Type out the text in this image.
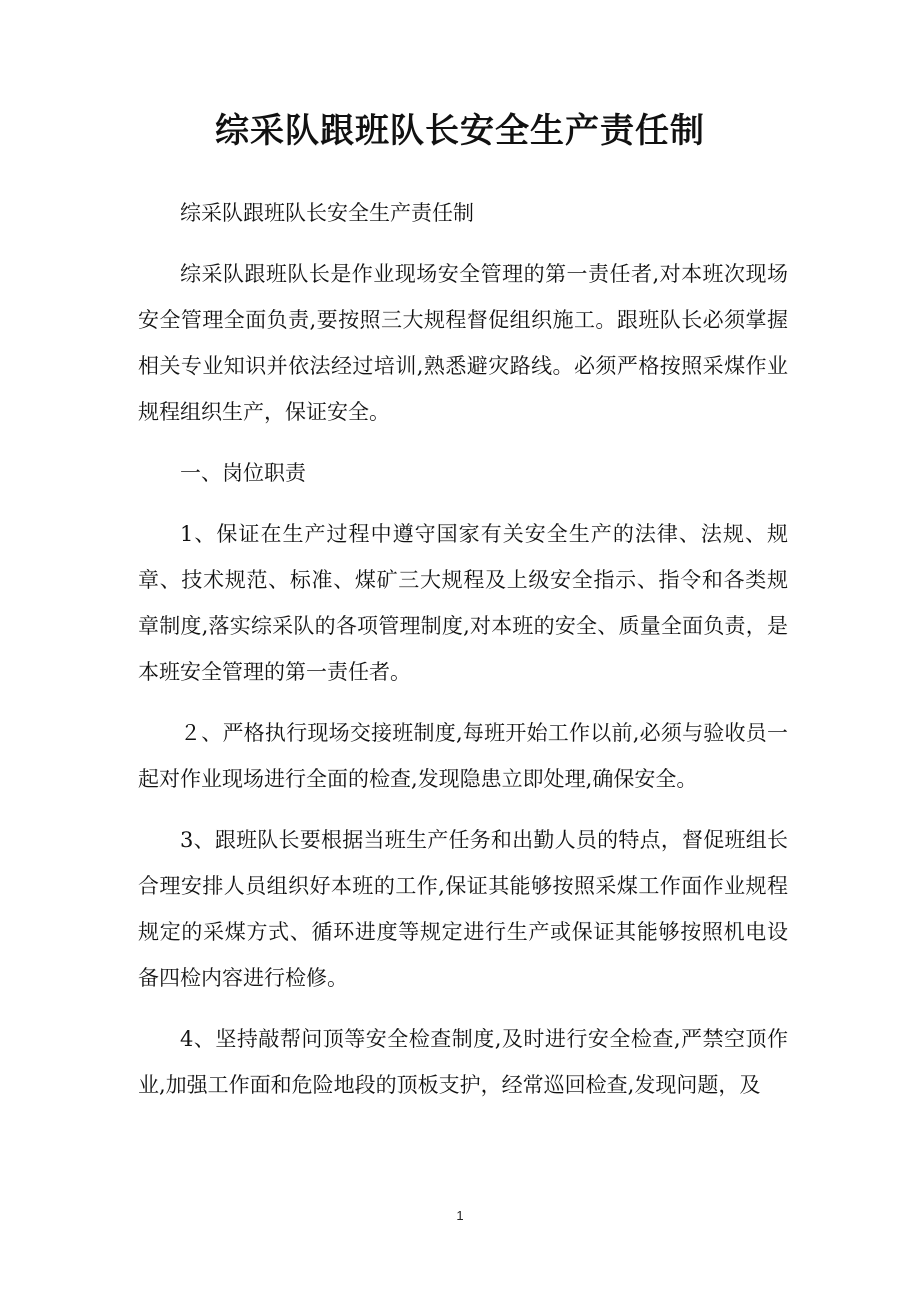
综采队跟班队长安全生产责任制

综采队跟班队长安全生产责任制

综采队跟班队长是作业现场安全管理的第一责任者,对本班次现场安全管理全面负责,要按照三大规程督促组织施工。跟班队长必须掌握相关专业知识并依法经过培训,熟悉避灾路线。必须严格按照采煤作业规程组织生产，保证安全。

一、岗位职责

1、保证在生产过程中遵守国家有关安全生产的法律、法规、规章、技术规范、标准、煤矿三大规程及上级安全指示、指令和各类规章制度,落实综采队的各项管理制度,对本班的安全、质量全面负责，是本班安全管理的第一责任者。

２、严格执行现场交接班制度,每班开始工作以前,必须与验收员一起对作业现场进行全面的检查,发现隐患立即处理,确保安全。

3、跟班队长要根据当班生产任务和出勤人员的特点，督促班组长合理安排人员组织好本班的工作,保证其能够按照采煤工作面作业规程规定的采煤方式、循环进度等规定进行生产或保证其能够按照机电设备四检内容进行检修。

4、坚持敲帮问顶等安全检查制度,及时进行安全检查,严禁空顶作业,加强工作面和危险地段的顶板支护，经常巡回检查,发现问题，及

1
